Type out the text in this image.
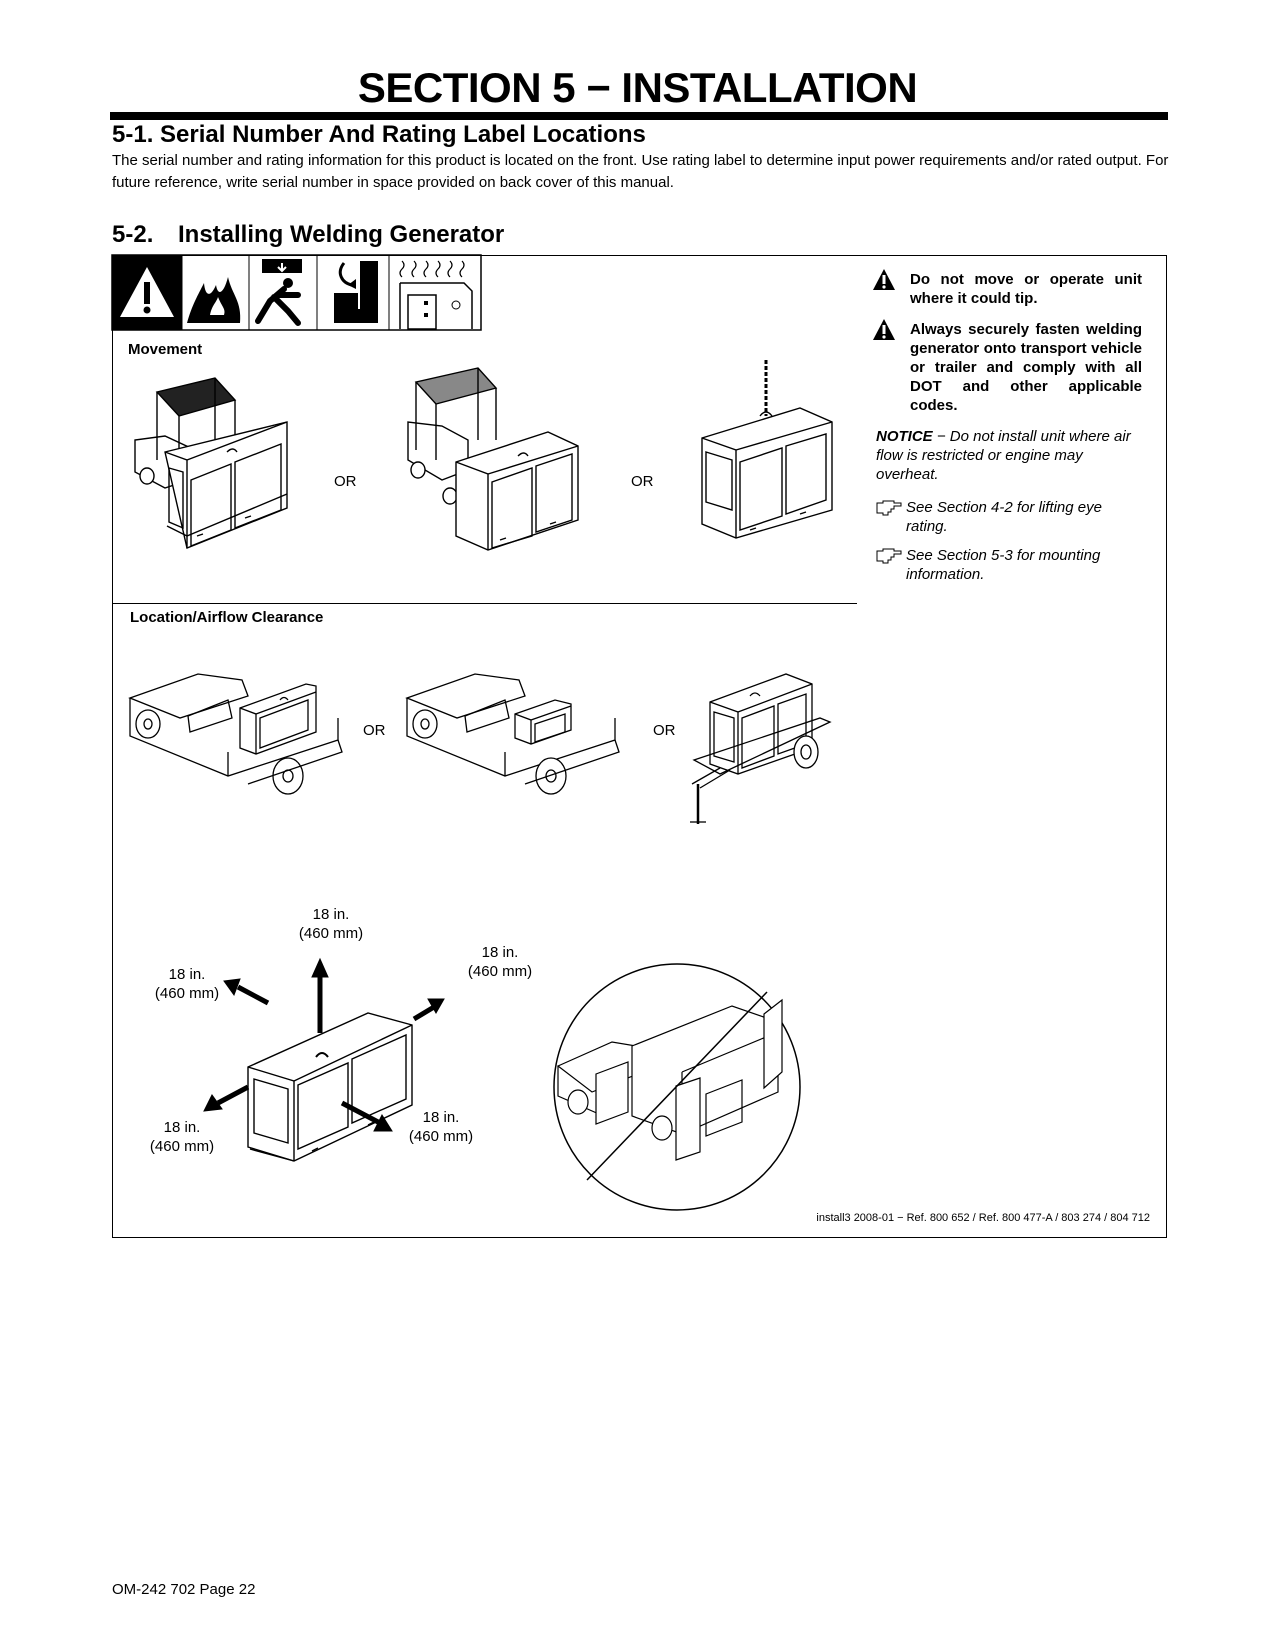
SECTION 5 − INSTALLATION
5-1. Serial Number And Rating Label Locations
The serial number and rating information for this product is located on the front. Use rating label to determine input power requirements and/or rated output. For future reference, write serial number in space provided on back cover of this manual.
5-2. Installing Welding Generator
Movement
OR	OR
Location/Airflow Clearance
OR	OR
18 in.
(460 mm)
18 in.
(460 mm)
18 in.
(460 mm)
18 in.
(460 mm)
18 in.
(460 mm)
Do not move or operate unit where it could tip.
Always securely fasten welding generator onto transport vehicle or trailer and comply with all DOT and other applicable codes.
NOTICE − Do not install unit where air flow is restricted or engine may overheat.
See Section 4-2 for lifting eye rating.
See Section 5-3 for mounting information.
install3 2008-01 − Ref. 800 652 / Ref. 800 477-A / 803 274 / 804 712
OM-242 702 Page 22
